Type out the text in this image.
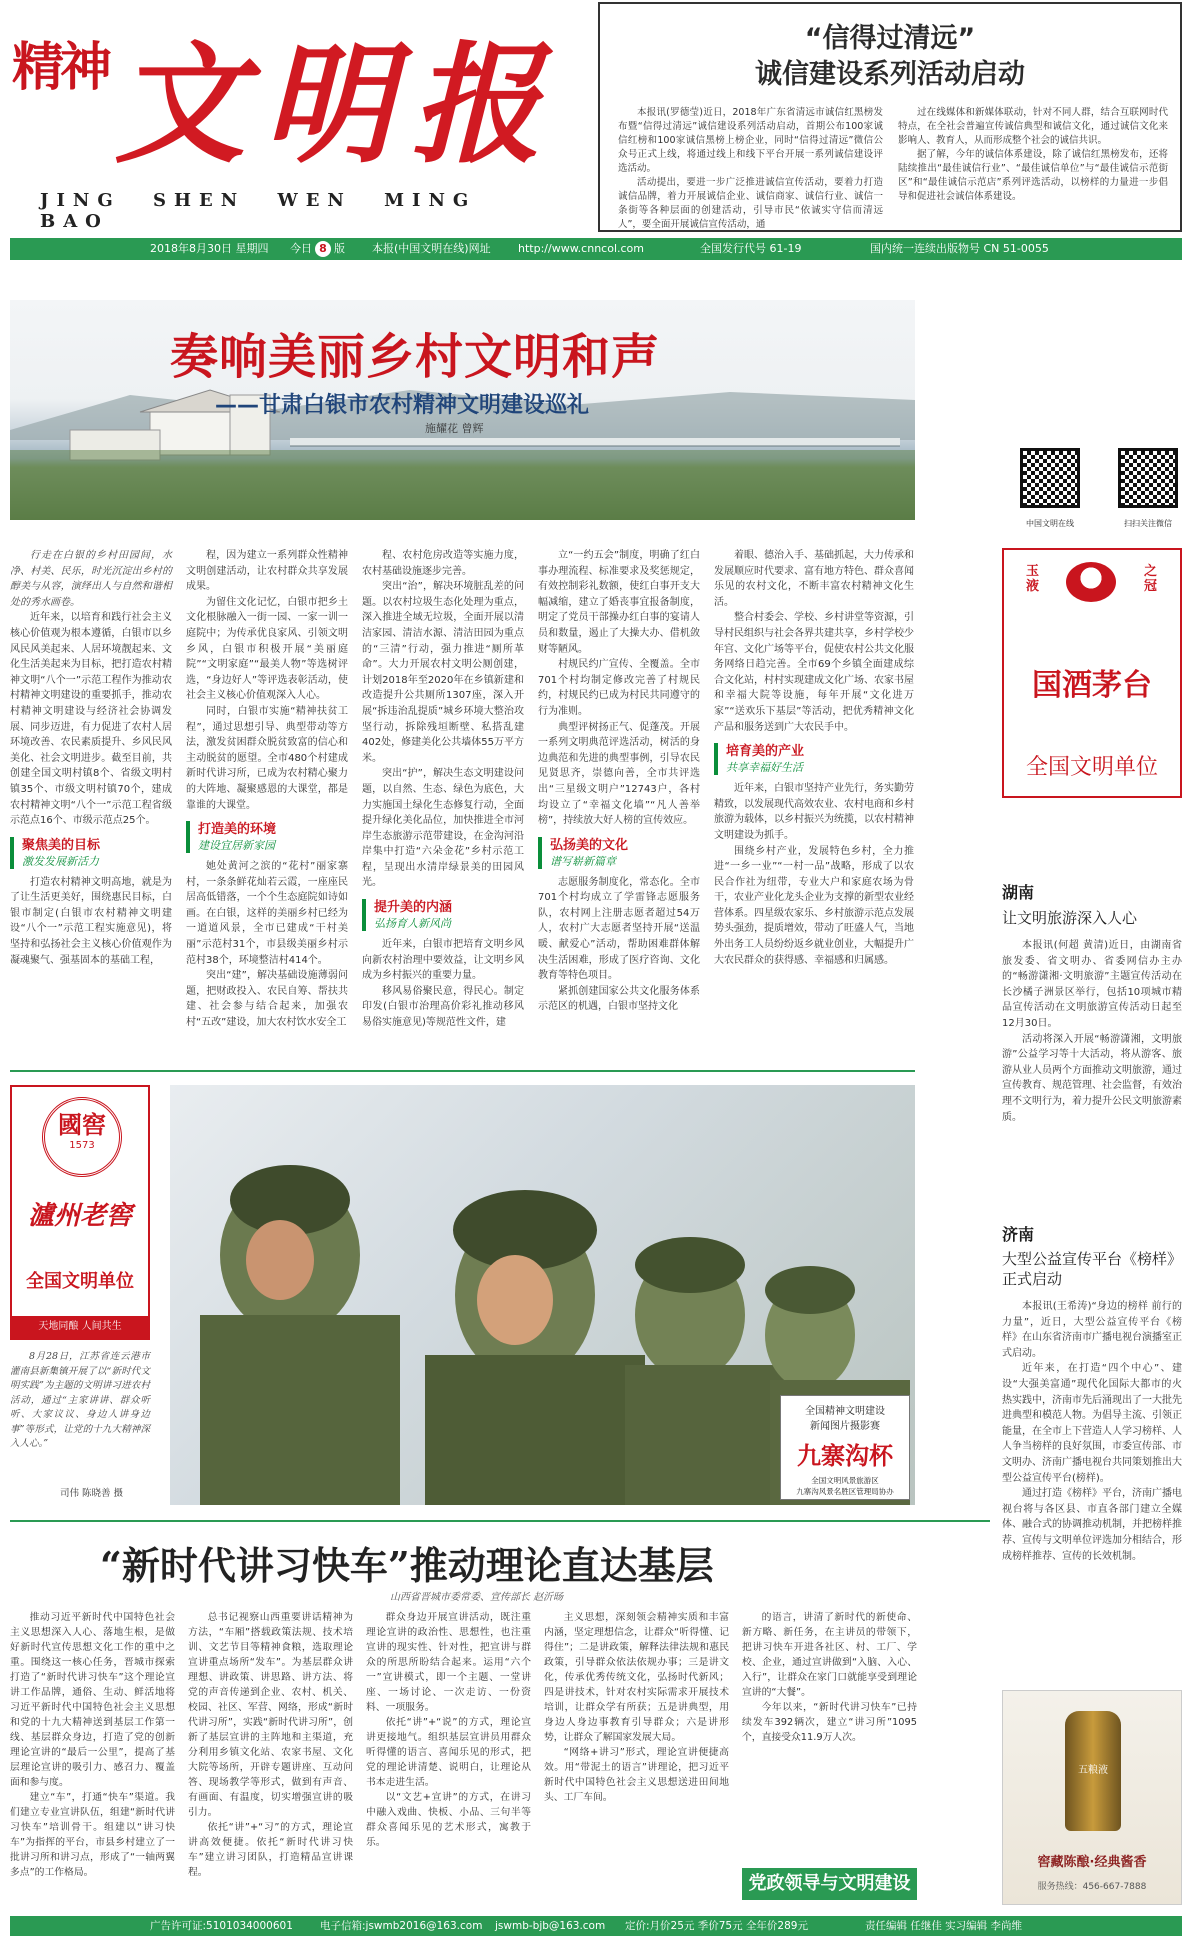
精神 文明报
JING SHEN WEN MING BAO
“信得过清远”
诚信建设系列活动启动

本报讯(罗德莹)近日，2018年广东省清远市诚信红黑榜发布暨“信得过清远”诚信建设系列活动启动，首期公布100家诚信红榜和100家诚信黑榜上榜企业，同时“信得过清远”微信公众号正式上线，将通过线上和线下平台开展一系列诚信建设评选活动。

活动提出，要进一步广泛推进诚信宣传活动，要着力打造诚信品牌，着力开展诚信企业、诚信商家、诚信行业、诚信一条街等各种层面的创建活动，引导市民“依诚实守信而清远人”，要全面开展诚信宣传活动，通

过在线媒体和新媒体联动，针对不同人群，结合互联网时代特点，在全社会普遍宣传诚信典型和诚信文化，通过诚信文化来影响人、教育人，从而形成整个社会的诚信共识。

据了解，今年的诚信体系建设，除了诚信红黑榜发布，还将陆续推出“最佳诚信行业”、“最佳诚信单位”与“最佳诚信示范街区”和“最佳诚信示范店”系列评选活动，以榜样的力量进一步倡导和促进社会诚信体系建设。

2018年8月30日 星期四 今日 8 版 本报(中国文明在线)网址 http://www.cnncol.com	全国发行代号 61-19	国内统一连续出版物号 CN 51-0055
奏响美丽乡村文明和声
——甘肃白银市农村精神文明建设巡礼
施耀花 曾辉
中国文明在线	扫扫关注微信

行走在白银的乡村田园间，水净、村美、民乐，时光沉淀出乡村的醇美与从容，演绎出人与自然和谐相处的秀水画卷。

近年来，以培育和践行社会主义核心价值观为根本遵循，白银市以乡风民风美起来、人居环境靓起来、文化生活美起来为目标，把打造农村精神文明“八个一”示范工程作为推动农村精神文明建设的重要抓手，推动农村精神文明建设与经济社会协调发展、同步迈进，有力促进了农村人居环境改善、农民素质提升、乡风民风美化、社会文明进步。截至目前，共创建全国文明村镇8个、省级文明村镇35个、市级文明村镇70个，建成农村精神文明“八个一”示范工程省级示范点16个、市级示范点25个。

聚焦美的目标
激发发展新活力

打造农村精神文明高地，就是为了让生活更美好，围绕惠民目标，白银市制定(白银市农村精神文明建设“八个一”示范工程实施意见)，将坚持和弘扬社会主义核心价值观作为凝魂聚气、强基固本的基础工程，

程，因为建立一系列群众性精神文明创建活动，让农村群众共享发展成果。

为留住文化记忆，白银市把乡土文化根脉融入一街一园、一家一训一庭院中；为传承优良家风、引领文明乡风，白银市积极开展“美丽庭院”“文明家庭”“最美人物”等选树评选，“身边好人”等评选表彰活动，使社会主义核心价值观深入人心。

同时，白银市实施“精神扶贫工程”，通过思想引导、典型带动等方法，激发贫困群众脱贫致富的信心和主动脱贫的愿望。全市480个村建成新时代讲习所，已成为农村精心聚力的大阵地、凝聚感恩的大课堂，都是靠谁的大课堂。

打造美的环境
建设宜居新家园

她处黄河之滨的“花村”丽家寨村，一条条鲜花灿若云霞，一座座民居高低错落，一个个生态庭院如诗如画。在白银，这样的美丽乡村已经为一道道风景，全市已建成“干村美丽”示范村31个，市县级美丽乡村示范村38个，环境整洁村414个。

突出“建”，解决基础设施薄弱问题，把财政投入、农民自筹、帮扶共建、社会参与结合起来，加强农村“五改”建设，加大农村饮水安全工

程、农村危房改造等实施力度，农村基础设施逐步完善。

突出“治”，解决环境脏乱差的问题。以农村垃圾生态化处理为重点，深入推进全域无垃圾，全面开展以清洁家园、清洁水源、清洁田园为重点的“三清”行动，强力推进“厕所革命”。大力开展农村文明公厕创建，计划2018年至2020年在乡镇新建和改造提升公共厕所1307座，深入开展“拆违治乱提质”城乡环境大整治攻坚行动，拆除残垣断壁、私搭乱建402处，修建美化公共墙体55万平方米。

突出“护”，解决生态文明建设问题，以自然、生态、绿色为底色，大力实施国土绿化生态修复行动，全面提升绿化美化品位，加快推进全市河岸生态旅游示范带建设，在金沟河沿岸集中打造“六朵金花”乡村示范工程，呈现出水清岸绿景美的田园风光。

提升美的内涵
弘扬育人新风尚

近年来，白银市把培育文明乡风向新农村治理中要效益，让文明乡风成为乡村振兴的重要力量。

移风易俗聚民意，得民心。制定印发(白银市治理高价彩礼推动移风易俗实施意见)等规范性文件，建

立“一约五会”制度，明确了红白事办理流程、标准要求及奖惩规定，有效控制彩礼数额，使红白事开支大幅减缩，建立了婚丧事宜报备制度，明定了党员干部操办红白事的宴请人员和数量，遏止了大操大办、借机敛财等陋风。

村规民约广宣传、全覆盖。全市701个村均制定修改完善了村规民约，村规民约已成为村民共同遵守的行为准则。

典型评树扬正气、促蓬茂。开展一系列文明典范评选活动，树活的身边典范和先进的典型事例，引导农民见贤思齐，崇德向善，全市共评选出“三星级文明户”12743户，各村均设立了“幸福文化墙”“凡人善举榜”，持续放大好人榜的宣传效应。

弘扬美的文化
谱写崭新篇章

志愿服务制度化，常态化。全市701个村均成立了学雷锋志愿服务队，农村网上注册志愿者超过54万人，农村广大志愿者坚持开展“送温暖、献爱心”活动，帮助困难群体解决生活困难，形成了医疗咨询、文化教育等特色项目。

紧抓创建国家公共文化服务体系示范区的机遇，白银市坚持文化

着眼、德治入手、基础抓起，大力传承和发展顺应时代要求、富有地方特色、群众喜闻乐见的农村文化，不断丰富农村精神文化生活。

整合村委会、学校、乡村讲堂等资源，引导村民组织与社会各界共建共享，乡村学校少年宫、文化广场等平台，促使农村公共文化服务网络日趋完善。全市69个乡镇全面建成综合文化站，村村实现建成文化广场、农家书屋和幸福大院等设施，每年开展“文化进万家”“送欢乐下基层”等活动，把优秀精神文化产品和服务送到广大农民手中。

培育美的产业
共享幸福好生活

近年来，白银市坚持产业先行，务实勤劳精致，以发展现代高效农业、农村电商和乡村旅游为载体，以乡村振兴为统揽，以农村精神文明建设为抓手。

围绕乡村产业，发展特色乡村，全力推进“一乡一业”“一村一品”战略，形成了以农民合作社为纽带，专业大户和家庭农场为骨干，农业产业化龙头企业为支撑的新型农业经营体系。四星级农家乐、乡村旅游示范点发展势头强劲，提质增效，带动了旺盛人气，当地外出务工人员纷纷返乡就业创业，大幅提升广大农民群众的获得感、幸福感和归属感。

玉液
之冠
国酒茅台
全国文明单位
湖南
让文明旅游深入人心

本报讯(何超 黄清)近日，由湖南省旅发委、省文明办、省委网信办主办的“畅游潇湘·文明旅游”主题宣传活动在长沙橘子洲景区举行，包括10项城市精品宣传活动在文明旅游宣传活动日起至12月30日。

活动将深入开展“畅游潇湘，文明旅游”公益学习等十大活动，将从游客、旅游从业人员两个方面推动文明旅游，通过宣传教育、规范管理、社会监督，有效治理不文明行为，着力提升公民文明旅游素质。

济南
大型公益宣传平台《榜样》正式启动

本报讯(王希涛)“身边的榜样 前行的力量”，近日，大型公益宣传平台《榜样》在山东省济南市广播电视台演播室正式启动。

近年来，在打造“四个中心”、建设“大强美富通”现代化国际大都市的火热实践中，济南市先后涌现出了一大批先进典型和模范人物。为倡导主流、引领正能量，在全市上下营造人人学习榜样、人人争当榜样的良好氛围，市委宣传部、市文明办、济南广播电视台共同策划推出大型公益宣传平台(榜样)。

通过打造《榜样》平台，济南广播电视台将与各区县、市直各部门建立全媒体、融合式的协调推动机制，并把榜样推荐、宣传与文明单位评选加分相结合，形成榜样推荐、宣传的长效机制。

五粮液
窖藏陈酿·经典酱香
服务热线：456-667-7888
國窖
1573
瀘州老窖
全国文明单位
天地同酿 人间共生

8月28日，江苏省连云港市灌南县新集镇开展了以“新时代文明实践”为主题的文明讲习进农村活动，通过“主家讲讲、群众听听、大家议议、身边人讲身边事”等形式，让党的十九大精神深入人心。”

司伟 陈晓善 摄
全国精神文明建设
新闻图片摄影赛
九寨沟杯
全国文明风景旅游区
九寨沟风景名胜区管理局协办
“新时代讲习快车”推动理论直达基层
山西省晋城市委常委、宣传部长 赵沂旸

推动习近平新时代中国特色社会主义思想深入人心、落地生根，是做好新时代宣传思想文化工作的重中之重。围绕这一核心任务，晋城市探索打造了“新时代讲习快车”这个理论宣讲工作品牌，通俗、生动、鲜活地将习近平新时代中国特色社会主义思想和党的十九大精神送到基层工作第一线、基层群众身边，打造了党的创新理论宣讲的“最后一公里”，提高了基层理论宣讲的吸引力、感召力、覆盖面和参与度。

建立“车”，打通“快车”渠道。我们建立专业宣讲队伍，组建“新时代讲习快车”培训骨干。组建以“讲习快车”为指挥的平台，市县乡村建立了一批讲习所和讲习点，形成了“一轴两翼多点”的工作格局。

总书记视察山西重要讲话精神为方法，“车厢”搭载政策法规、技术培训、文艺节目等精神食粮，选取理论宣讲重点场所“发车”。为基层群众讲理想、讲政策、讲思路、讲方法、将党的声音传递到企业、农村、机关、校园、社区、军营、网络，形成“新时代讲习所”，实践“新时代讲习所”，创新了基层宣讲的主阵地和主渠道，充分利用乡镇文化站、农家书屋、文化大院等场所，开辟专题讲座、互动问答、现场教学等形式，做到有声音、有画面、有温度，切实增强宣讲的吸引力。

依托“讲”+“习”的方式，理论宣讲高效便捷。依托“新时代讲习快车”建立讲习团队，打造精品宣讲课程。

群众身边开展宣讲活动，既注重理论宣讲的政治性、思想性，也注重宣讲的现实性、针对性，把宣讲与群众的所思所盼结合起来。运用“六个一”宣讲模式，即一个主题、一堂讲座、一场讨论、一次走访、一份资料、一项服务。

依托“讲”+“说”的方式，理论宣讲更接地气。组织基层宣讲员用群众听得懂的语言、喜闻乐见的形式，把党的理论讲清楚、说明白，让理论从书本走进生活。

以“文艺+宣讲”的方式，在讲习中融入戏曲、快板、小品、三句半等群众喜闻乐见的艺术形式，寓教于乐。

主义思想，深刻领会精神实质和丰富内涵，坚定理想信念，让群众“听得懂、记得住”；二是讲政策，解释法律法规和惠民政策，引导群众依法依规办事；三是讲文化，传承优秀传统文化，弘扬时代新风；四是讲技术，针对农村实际需求开展技术培训，让群众学有所获；五是讲典型，用身边人身边事教育引导群众；六是讲形势，让群众了解国家发展大局。

“网络+讲习”形式，理论宣讲便捷高效。用“带泥土的语言”讲理论，把习近平新时代中国特色社会主义思想送进田间地头、工厂车间。

的语言，讲清了新时代的新使命、新方略、新任务，在主讲员的带领下，把讲习快车开进各社区、村、工厂、学校、企业，通过宣讲做到“入脑、入心、入行”，让群众在家门口就能享受到理论宣讲的“大餐”。

今年以来，“新时代讲习快车”已持续发车392辆次，建立“讲习所”1095个，直接受众11.9万人次。

党政领导与文明建设
广告许可证:5101034000601	电子信箱:jswmb2016@163.com jswmb-bjb@163.com 定价:月价25元 季价75元 全年价289元	责任编辑 任继佳 实习编辑 李尚维
